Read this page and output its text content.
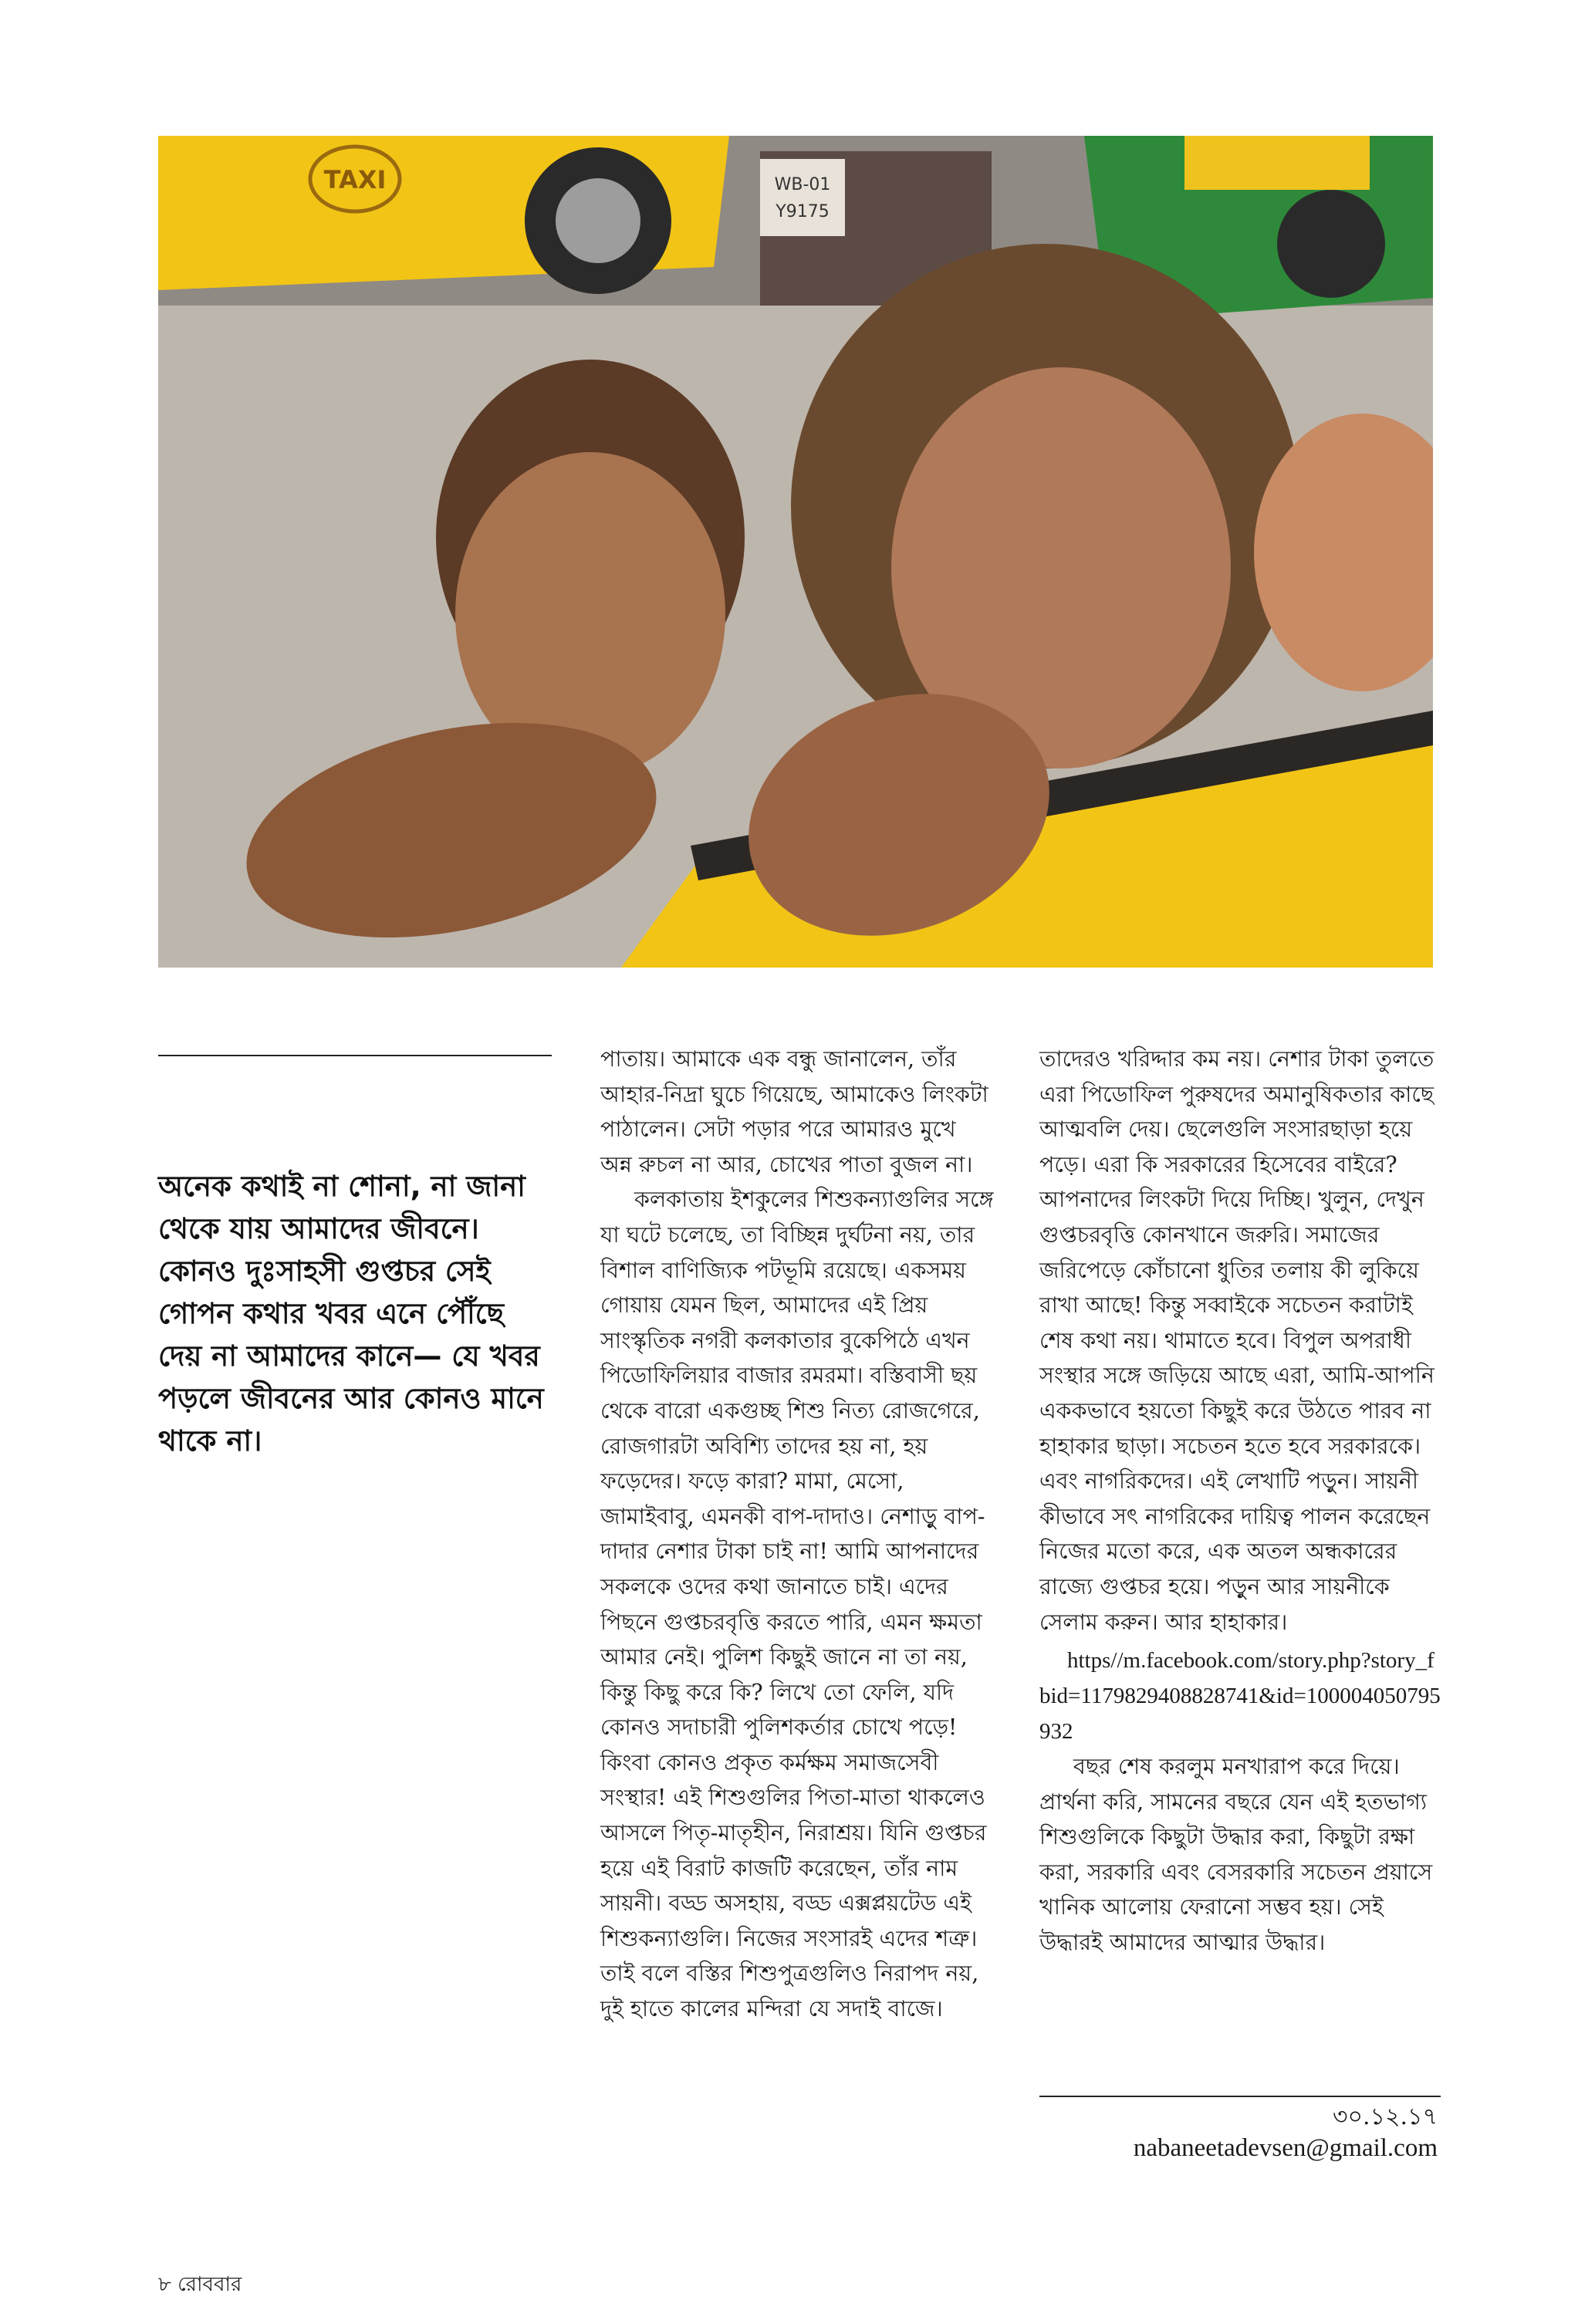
TAXI	WB-01
Y9175

অনেক কথাই না শোনা, না জানা থেকে যায় আমাদের জীবনে। কোনও দুঃসাহসী গুপ্তচর সেই গোপন কথার খবর এনে পৌঁছে দেয় না আমাদের কানে— যে খবর পড়লে জীবনের আর কোনও মানে থাকে না।

পাতায়। আমাকে এক বন্ধু জানালেন, তাঁর আহার-নিদ্রা ঘুচে গিয়েছে, আমাকেও লিংকটা পাঠালেন। সেটা পড়ার পরে আমারও মুখে অন্ন রুচল না আর, চোখের পাতা বুজল না।

কলকাতায় ইশকুলের শিশুকন্যাগুলির সঙ্গে যা ঘটে চলেছে, তা বিচ্ছিন্ন দুর্ঘটনা নয়, তার বিশাল বাণিজ্যিক পটভূমি রয়েছে। একসময় গোয়ায় যেমন ছিল, আমাদের এই প্রিয় সাংস্কৃতিক নগরী কলকাতার বুকেপিঠে এখন পিডোফিলিয়ার বাজার রমরমা। বস্তিবাসী ছয় থেকে বারো একগুচ্ছ শিশু নিত্য রোজগেরে, রোজগারটা অবিশ্যি তাদের হয় না, হয় ফড়েদের। ফড়ে কারা? মামা, মেসো, জামাইবাবু, এমনকী বাপ-দাদাও। নেশাড়ু বাপ-দাদার নেশার টাকা চাই না! আমি আপনাদের সকলকে ওদের কথা জানাতে চাই। এদের পিছনে গুপ্তচরবৃত্তি করতে পারি, এমন ক্ষমতা আমার নেই। পুলিশ কিছুই জানে না তা নয়, কিন্তু কিছু করে কি? লিখে তো ফেলি, যদি কোনও সদাচারী পুলিশকর্তার চোখে পড়ে! কিংবা কোনও প্রকৃত কর্মক্ষম সমাজসেবী সংস্থার! এই শিশুগুলির পিতা-মাতা থাকলেও আসলে পিতৃ-মাতৃহীন, নিরাশ্রয়। যিনি গুপ্তচর হয়ে এই বিরাট কাজটি করেছেন, তাঁর নাম সায়নী। বড্ড অসহায়, বড্ড এক্সপ্লয়টেড এই শিশুকন্যাগুলি। নিজের সংসারই এদের শত্রু। তাই বলে বস্তির শিশুপুত্রগুলিও নিরাপদ নয়, দুই হাতে কালের মন্দিরা যে সদাই বাজে।

তাদেরও খরিদ্দার কম নয়। নেশার টাকা তুলতে এরা পিডোফিল পুরুষদের অমানুষিকতার কাছে আত্মবলি দেয়। ছেলেগুলি সংসারছাড়া হয়ে পড়ে। এরা কি সরকারের হিসেবের বাইরে? আপনাদের লিংকটা দিয়ে দিচ্ছি। খুলুন, দেখুন গুপ্তচরবৃত্তি কোনখানে জরুরি। সমাজের জরিপেড়ে কোঁচানো ধুতির তলায় কী লুকিয়ে রাখা আছে! কিন্তু সব্বাইকে সচেতন করাটাই শেষ কথা নয়। থামাতে হবে। বিপুল অপরাধী সংস্থার সঙ্গে জড়িয়ে আছে এরা, আমি-আপনি এককভাবে হয়তো কিছুই করে উঠতে পারব না হাহাকার ছাড়া। সচেতন হতে হবে সরকারকে। এবং নাগরিকদের। এই লেখাটি পড়ুন। সায়নী কীভাবে সৎ নাগরিকের দায়িত্ব পালন করেছেন নিজের মতো করে, এক অতল অন্ধকারের রাজ্যে গুপ্তচর হয়ে। পড়ুন আর সায়নীকে সেলাম করুন। আর হাহাকার।

https//m.facebook.com/story.php?story_fbid=1179829408828741&id=100004050795932

বছর শেষ করলুম মনখারাপ করে দিয়ে। প্রার্থনা করি, সামনের বছরে যেন এই হতভাগ্য শিশুগুলিকে কিছুটা উদ্ধার করা, কিছুটা রক্ষা করা, সরকারি এবং বেসরকারি সচেতন প্রয়াসে খানিক আলোয় ফেরানো সম্ভব হয়। সেই উদ্ধারই আমাদের আত্মার উদ্ধার।

৩০.১২.১৭

nabaneetadevsen@gmail.com

৮ রোববার
